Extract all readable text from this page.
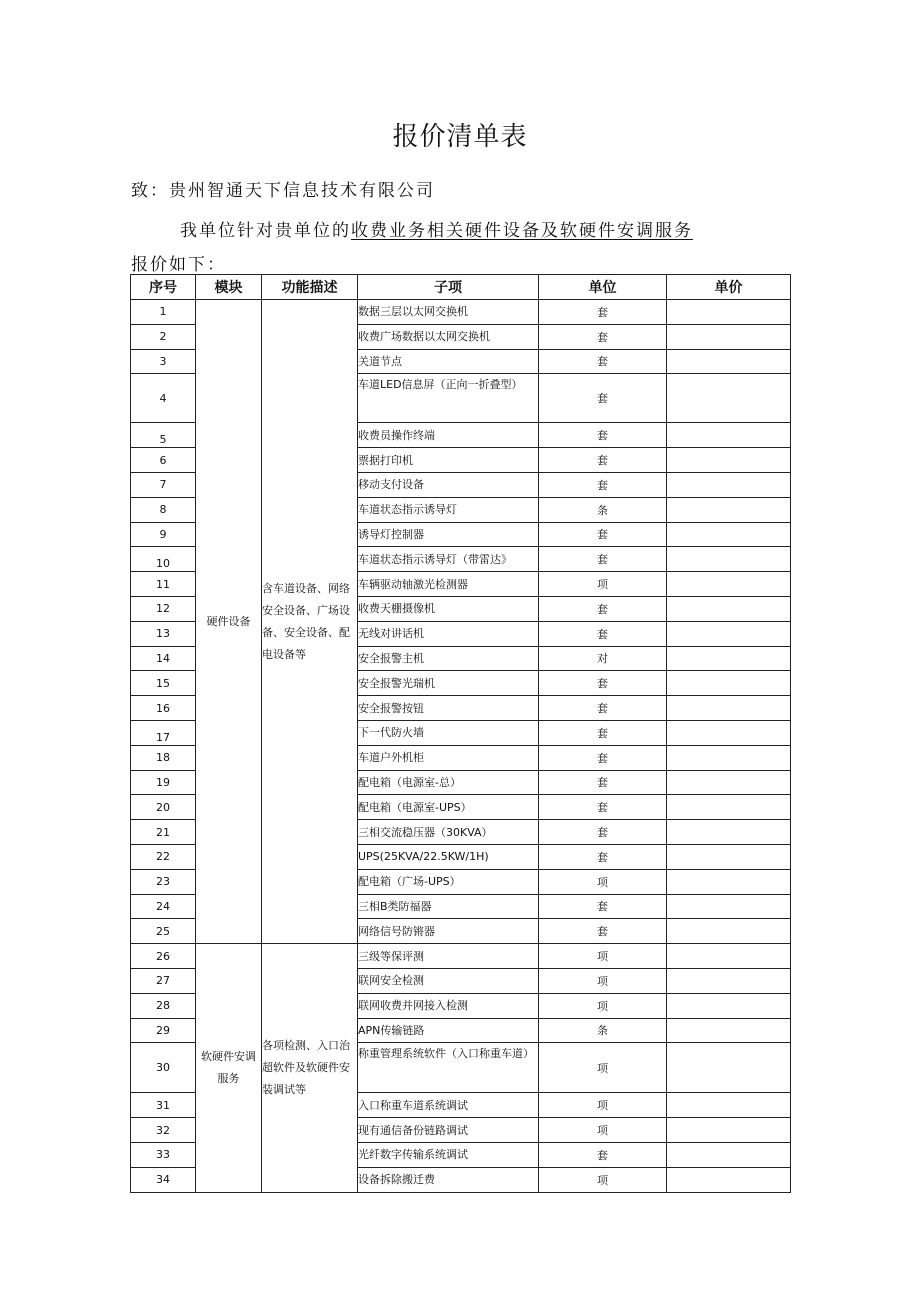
报价清单表
致：贵州智通天下信息技术有限公司
我单位针对贵单位的收费业务相关硬件设备及软硬件安调服务
报价如下：
序号	模块	功能描述	子项	单位	单价
1	硬件设备	含车道设备、网络安全设备、广场设备、安全设备、配电设备等	数据三层以太网交换机	套	
2			收费广场数据以太网交换机	套	
3			关道节点	套	
4			车道LED信息屏（正向一折叠型）	套	
5			收费员操作终端	套	
6			票据打印机	套	
7			移动支付设备	套	
8			车道状态指示诱导灯	条	
9			诱导灯控制器	套	
10			车道状态指示诱导灯（带雷达》	套	
11			车辆驱动轴激光检测器	项	
12			收费天棚摄像机	套	
13			无线对讲话机	套	
14			安全报警主机	对	
15			安全报警光瑞机	套	
16			安全报警按钮	套	
17			下一代防火墙	套	
18			车道户外机柜	套	
19			配电箱（电源室-总）	套	
20			配电箱（电源室-UPS）	套	
21			三相交流稳压器（30KVA）	套	
22			UPS(25KVA/22.5KW/1H)	套	
23			配电箱（广场-UPS）	项	
24			三相B类防福器	套	
25			网络信号防锵器	套	
26	软硬件安调服务	各项检测、入口治超软件及软硬件安装调试等	三级等保评测	项	
27			联网安全检测	项	
28			联网收费并网接入检测	项	
29			APN传输链路	条	
30			称重管理系统软件（入口称重车道）	项	
31			入口称重车道系统调试	项	
32			现有通信备份链路调试	项	
33			光纤数字传输系统调试	套	
34			设备拆除搬迁费	项	
